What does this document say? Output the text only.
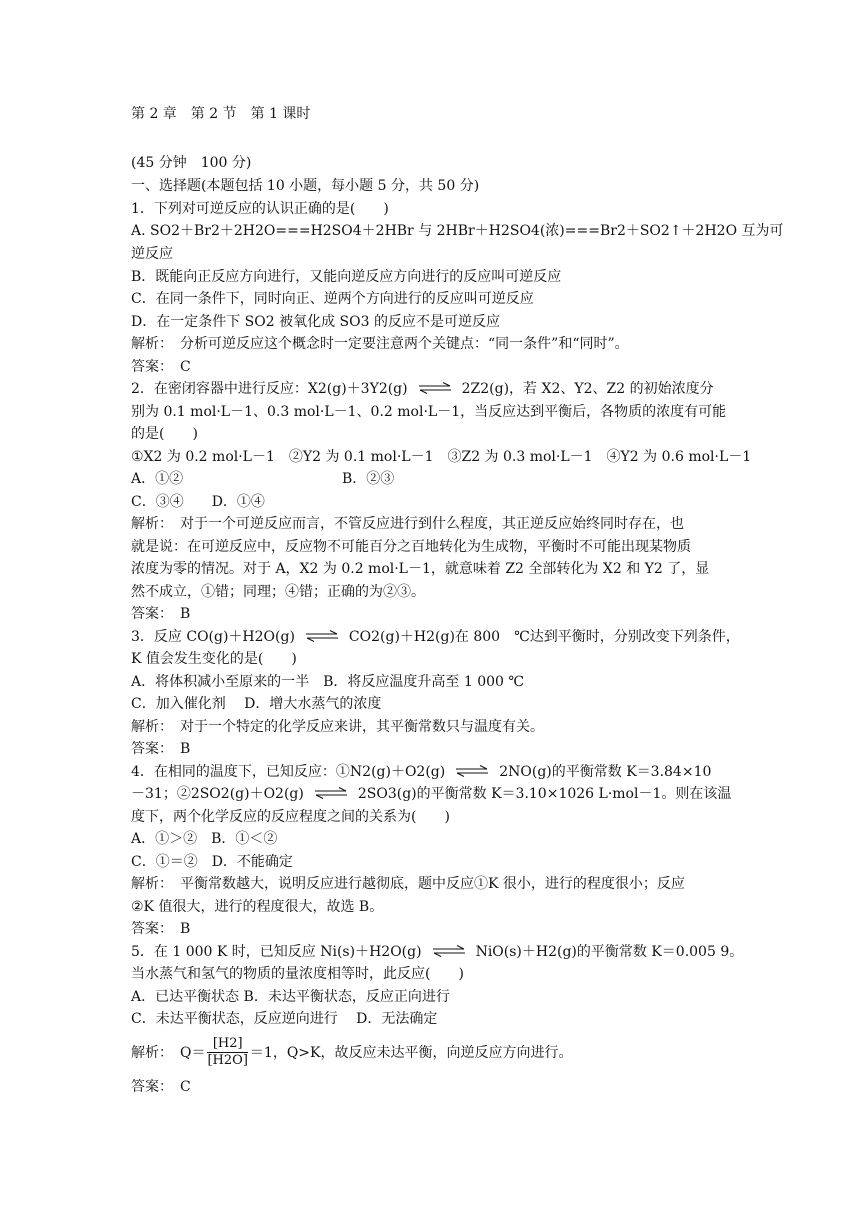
第 2 章　第 2 节　第 1 课时
(45 分钟　100 分)
一、选择题(本题包括 10 小题，每小题 5 分，共 50 分)
1．下列对可逆反应的认识正确的是(　　)
A. SO2＋Br2＋2H2O===H2SO4＋2HBr 与 2HBr＋H2SO4(浓)===Br2＋SO2↑＋2H2O 互为可
逆反应
B．既能向正反应方向进行，又能向逆反应方向进行的反应叫可逆反应
C．在同一条件下，同时向正、逆两个方向进行的反应叫可逆反应
D．在一定条件下 SO2 被氧化成 SO3 的反应不是可逆反应
解析：　分析可逆反应这个概念时一定要注意两个关键点：“同一条件”和“同时”。
答案：　C
2．在密闭容器中进行反应：X2(g)＋3Y2(g)	2Z2(g)，若 X2、Y2、Z2 的初始浓度分
别为 0.1 mol·L－1、0.3 mol·L－1、0.2 mol·L－1，当反应达到平衡后，各物质的浓度有可能
的是(　　)
①X2 为 0.2 mol·L－1　②Y2 为 0.1 mol·L－1　③Z2 为 0.3 mol·L－1　④Y2 为 0.6 mol·L－1
A．①②	B．②③
C．③④　　D．①④
解析：　对于一个可逆反应而言，不管反应进行到什么程度，其正逆反应始终同时存在，也
就是说：在可逆反应中，反应物不可能百分之百地转化为生成物，平衡时不可能出现某物质
浓度为零的情况。对于 A，X2 为 0.2 mol·L－1，就意味着 Z2 全部转化为 X2 和 Y2 了，显
然不成立，①错；同理；④错；正确的为②③。
答案：　B
3．反应 CO(g)＋H2O(g)	CO2(g)＋H2(g)在 800　℃达到平衡时，分别改变下列条件，
K 值会发生变化的是(　　)
A．将体积减小至原来的一半　B．将反应温度升高至 1 000 ℃
C．加入催化剂　 D．增大水蒸气的浓度
解析：　对于一个特定的化学反应来讲，其平衡常数只与温度有关。
答案：　B
4．在相同的温度下，已知反应：①N2(g)＋O2(g)	2NO(g)的平衡常数 K＝3.84×10
－31；②2SO2(g)＋O2(g)	2SO3(g)的平衡常数 K＝3.10×1026 L·mol－1。则在该温
度下，两个化学反应的反应程度之间的关系为(　　)
A．①＞②　B．①＜②
C．①＝②　D．不能确定
解析：　平衡常数越大，说明反应进行越彻底，题中反应①K 很小，进行的程度很小；反应
②K 值很大，进行的程度很大，故选 B。
答案：　B
5．在 1 000 K 时，已知反应 Ni(s)＋H2O(g)	NiO(s)＋H2(g)的平衡常数 K＝0.005 9。
当水蒸气和氢气的物质的量浓度相等时，此反应(　　)
A．已达平衡状态 B．未达平衡状态，反应正向进行
C．未达平衡状态，反应逆向进行　 D．无法确定
解析：　$Q= \frac{[H2]}{[H2O]} =1$，Q>K，故反应未达平衡，向逆反应方向进行。
答案：　C
